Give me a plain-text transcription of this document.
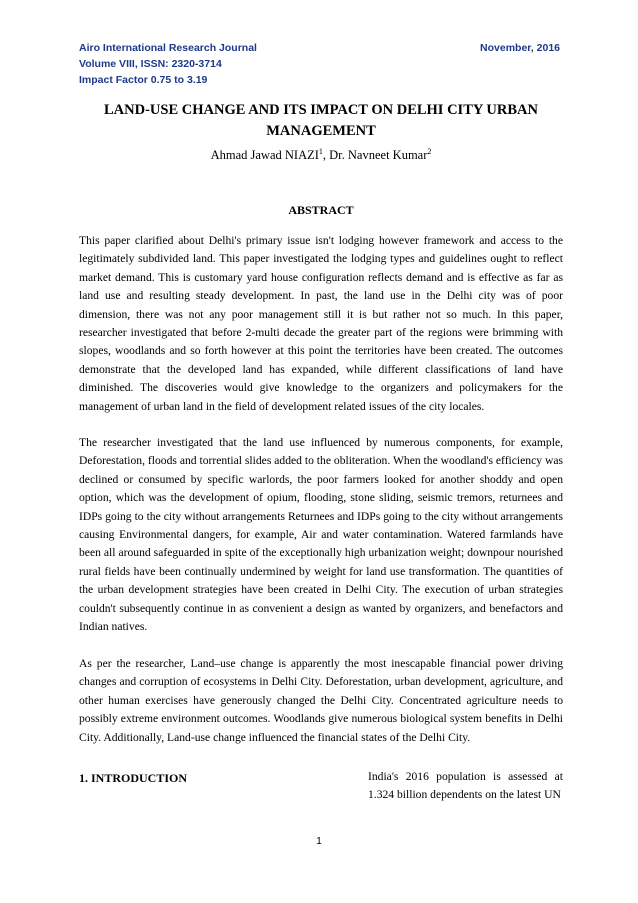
Airo International Research Journal
Volume VIII, ISSN: 2320-3714
Impact Factor 0.75 to 3.19
November, 2016
LAND-USE CHANGE AND ITS IMPACT ON DELHI CITY URBAN MANAGEMENT
Ahmad Jawad NIAZI$^1$, Dr. Navneet Kumar$^2$
ABSTRACT

This paper clarified about Delhi's primary issue isn't lodging however framework and access to the legitimately subdivided land. This paper investigated the lodging types and guidelines ought to reflect market demand. This is customary yard house configuration reflects demand and is effective as far as land use and resulting steady development. In past, the land use in the Delhi city was of poor dimension, there was not any poor management still it is but rather not so much. In this paper, researcher investigated that before 2-multi decade the greater part of the regions were brimming with slopes, woodlands and so forth however at this point the territories have been created. The outcomes demonstrate that the developed land has expanded, while different classifications of land have diminished. The discoveries would give knowledge to the organizers and policymakers for the management of urban land in the field of development related issues of the city locales.

The researcher investigated that the land use influenced by numerous components, for example, Deforestation, floods and torrential slides added to the obliteration. When the woodland's efficiency was declined or consumed by specific warlords, the poor farmers looked for another shoddy and open option, which was the development of opium, flooding, stone sliding, seismic tremors, returnees and IDPs going to the city without arrangements Returnees and IDPs going to the city without arrangements causing Environmental dangers, for example, Air and water contamination. Watered farmlands have been all around safeguarded in spite of the exceptionally high urbanization weight; downpour nourished rural fields have been continually undermined by weight for land use transformation. The quantities of the urban development strategies have been created in Delhi City. The execution of urban strategies couldn't subsequently continue in as convenient a design as wanted by organizers, and benefactors and Indian natives.

As per the researcher, Land–use change is apparently the most inescapable financial power driving changes and corruption of ecosystems in Delhi City. Deforestation, urban development, agriculture, and other human exercises have generously changed the Delhi City. Concentrated agriculture needs to possibly extreme environment outcomes. Woodlands give numerous biological system benefits in Delhi City. Additionally, Land-use change influenced the financial states of the Delhi City.

1. INTRODUCTION	India's 2016 population is assessed at 1.324 billion dependents on the latest UN

1
